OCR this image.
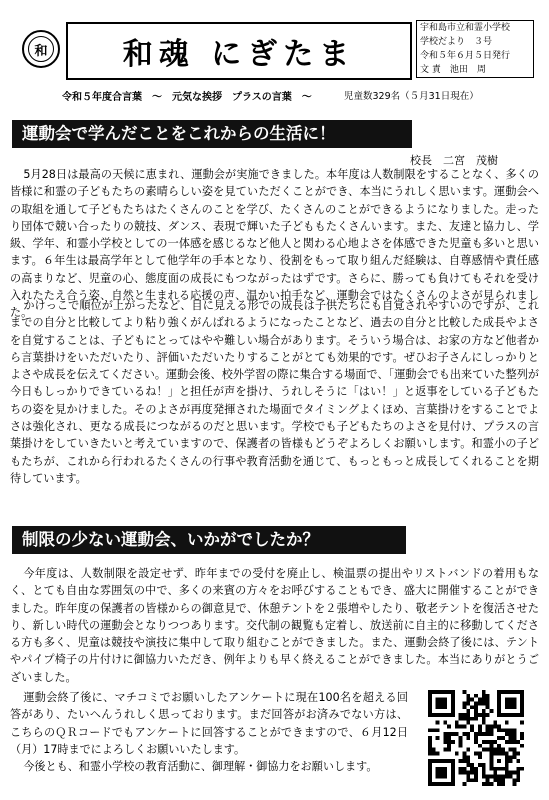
和	和魂 にぎたま
宇和島市立和霊小学校
学校だより　３号
令和５年６月５日発行
文 責　池田　周
令和５年度合言葉　～　元気な挨拶　プラスの言葉　～	児童数329名（５月31日現在）
運動会で学んだことをこれからの生活に！
校長　二宮　茂樹

5月28日は最高の天候に恵まれ、運動会が実施できました。本年度は人数制限をすることなく、多くの皆様に和霊の子どもたちの素晴らしい姿を見ていただくことができ、本当にうれしく思います。運動会への取組を通して子どもたちはたくさんのことを学び、たくさんのことができるようになりました。走ったり団体で競い合ったりの競技、ダンス、表現で輝いた子どももたくさんいます。また、友達と協力し、学級、学年、和霊小学校としての一体感を感じるなど他人と関わる心地よさを体感できた児童も多いと思います。６年生は最高学年として他学年の手本となり、役割をもって取り組んだ経験は、自尊感情や責任感の高まりなど、児童の心、態度面の成長にもつながったはずです。さらに、勝っても負けてもそれを受け入れたたえ合う姿、自然と生まれる応援の声、温かい拍手など、運動会ではたくさんのよさが見られました。

かけっこで順位が上がったなど、目に見える形での成長は子供たちにも自覚されやすいのですが、これまでの自分と比較してより粘り強くがんばれるようになったことなど、過去の自分と比較した成長やよさを自覚することは、子どもにとってはやや難しい場合があります。そういう場合は、お家の方など他者から言葉掛けをいただいたり、評価いただいたりすることがとても効果的です。ぜひお子さんにしっかりとよさや成長を伝えてください。運動会後、校外学習の際に集合する場面で、「運動会でも出来ていた整列が今日もしっかりできているね！」と担任が声を掛け、うれしそうに「はい！」と返事をしている子どもたちの姿を見かけました。そのよさが再度発揮された場面でタイミングよくほめ、言葉掛けをすることでよさは強化され、更なる成長につながるのだと思います。学校でも子どもたちのよさを見付け、プラスの言葉掛けをしていきたいと考えていますので、保護者の皆様もどうぞよろしくお願いします。和霊小の子どもたちが、これから行われるたくさんの行事や教育活動を通じて、もっともっと成長してくれることを期待しています。

制限の少ない運動会、いかがでしたか？

今年度は、人数制限を設定せず、昨年までの受付を廃止し、検温票の提出やリストバンドの着用もなく、とても自由な雰囲気の中で、多くの来賓の方々をお呼びすることもでき、盛大に開催することができました。昨年度の保護者の皆様からの御意見で、休憩テントを２張増やしたり、敬老テントを復活させたり、新しい時代の運動会となりつつあります。交代制の観覧も定着し、放送前に自主的に移動してくださる方も多く、児童は競技や演技に集中して取り組むことができました。また、運動会終了後には、テントやパイプ椅子の片付けに御協力いただき、例年よりも早く終えることができました。本当にありがとうございました。

運動会終了後に、マチコミでお願いしたアンケートに現在100名を超える回答があり、たいへんうれしく思っております。まだ回答がお済みでない方は、こちらのＱＲコードでもアンケートに回答することができますので、６月12日（月）17時までによろしくお願いいたします。
今後とも、和霊小学校の教育活動に、御理解・御協力をお願いします。
